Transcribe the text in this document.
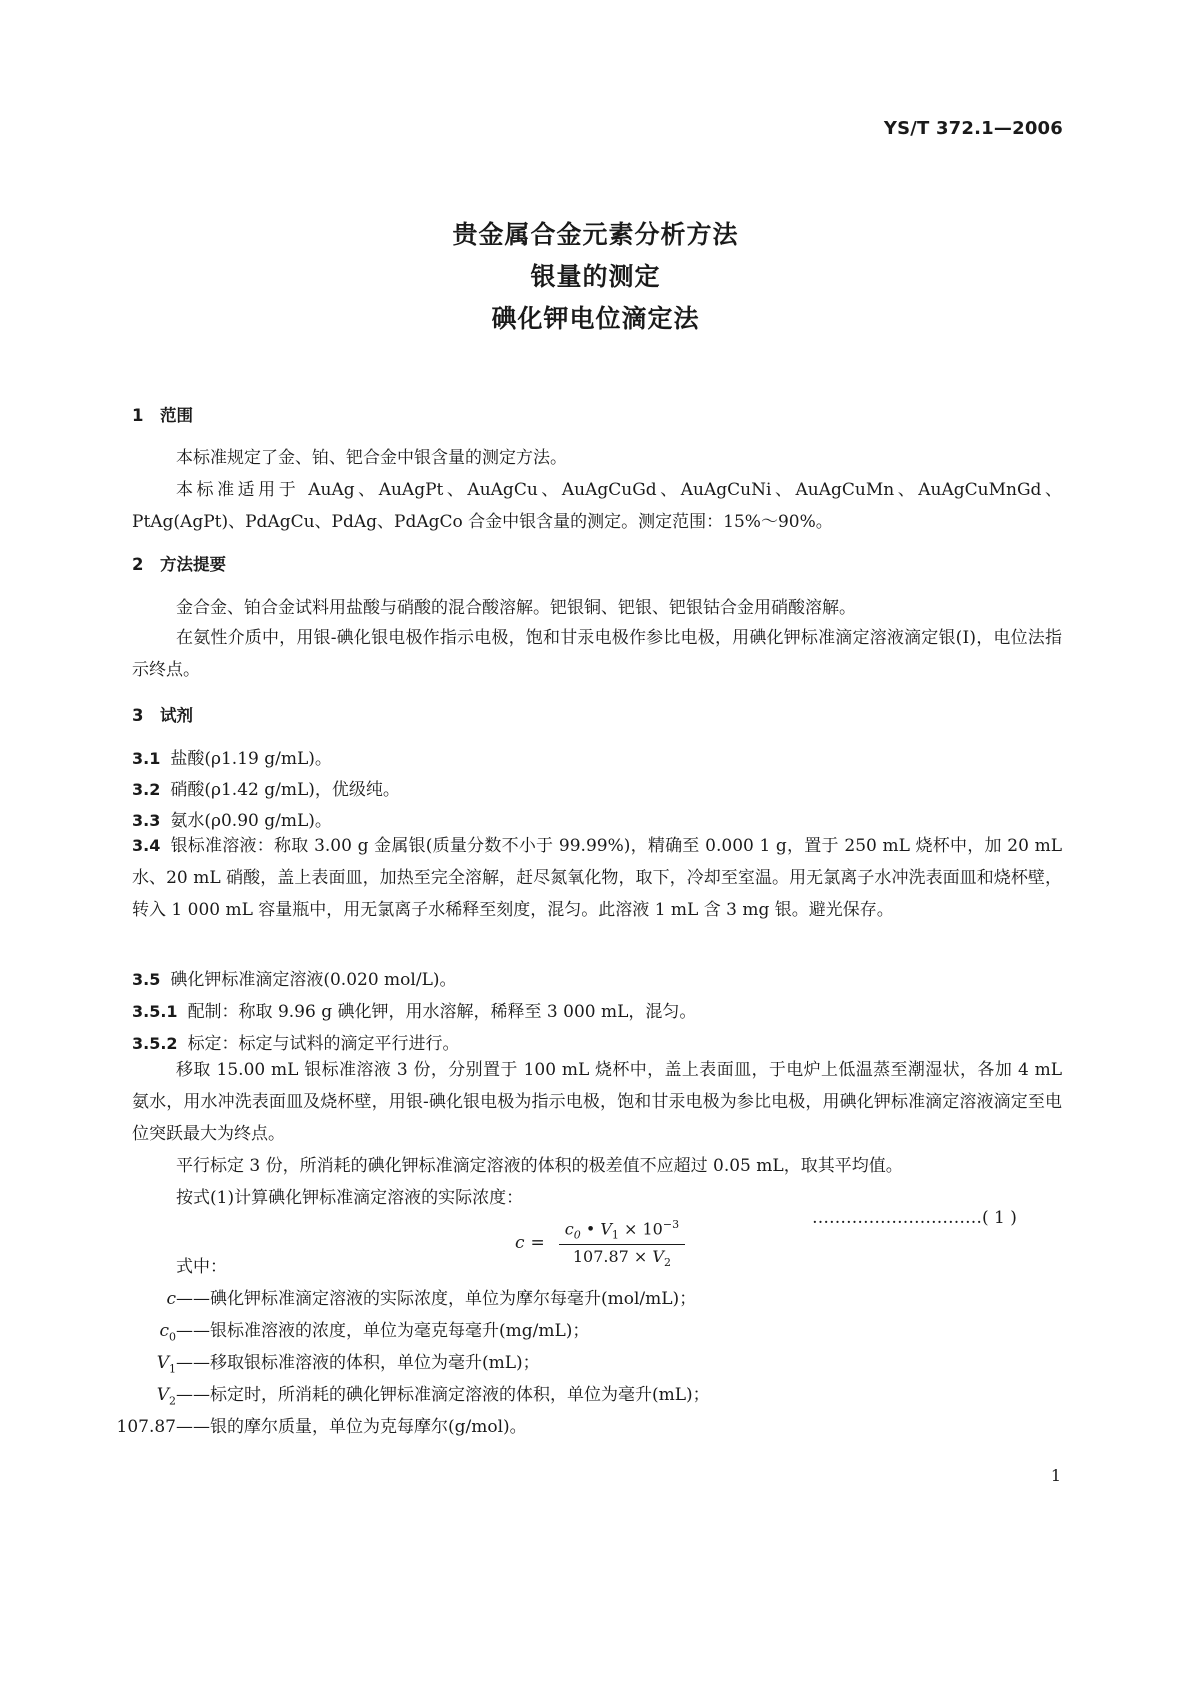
YS/T 372.1—2006
贵金属合金元素分析方法
银量的测定
碘化钾电位滴定法
1 范围
本标准规定了金、铂、钯合金中银含量的测定方法。
本标准适用于 AuAg、AuAgPt、AuAgCu、AuAgCuGd、AuAgCuNi、AuAgCuMn、AuAgCuMnGd、PtAg(AgPt)、PdAgCu、PdAg、PdAgCo 合金中银含量的测定。测定范围：15%～90%。
2 方法提要
金合金、铂合金试料用盐酸与硝酸的混合酸溶解。钯银铜、钯银、钯银钴合金用硝酸溶解。
在氨性介质中，用银-碘化银电极作指示电极，饱和甘汞电极作参比电极，用碘化钾标准滴定溶液滴定银(Ⅰ)，电位法指示终点。
3 试剂
3.1 盐酸(ρ1.19 g/mL)。
3.2 硝酸(ρ1.42 g/mL)，优级纯。
3.3 氨水(ρ0.90 g/mL)。
3.4 银标准溶液：称取 3.00 g 金属银(质量分数不小于 99.99%)，精确至 0.000 1 g，置于 250 mL 烧杯中，加 20 mL 水、20 mL 硝酸，盖上表面皿，加热至完全溶解，赶尽氮氧化物，取下，冷却至室温。用无氯离子水冲洗表面皿和烧杯壁，转入 1 000 mL 容量瓶中，用无氯离子水稀释至刻度，混匀。此溶液 1 mL 含 3 mg 银。避光保存。
3.5 碘化钾标准滴定溶液(0.020 mol/L)。
3.5.1 配制：称取 9.96 g 碘化钾，用水溶解，稀释至 3 000 mL，混匀。
3.5.2 标定：标定与试料的滴定平行进行。
移取 15.00 mL 银标准溶液 3 份，分别置于 100 mL 烧杯中，盖上表面皿，于电炉上低温蒸至潮湿状，各加 4 mL 氨水，用水冲洗表面皿及烧杯壁，用银-碘化银电极为指示电极，饱和甘汞电极为参比电极，用碘化钾标准滴定溶液滴定至电位突跃最大为终点。
平行标定 3 份，所消耗的碘化钾标准滴定溶液的体积的极差值不应超过 0.05 mL，取其平均值。
按式(1)计算碘化钾标准滴定溶液的实际浓度：
$c = \frac{c_0 • V_1 \times 10^{-3}}{107.87 \times V_2}$	…………………………( 1 )
式中：
c——碘化钾标准滴定溶液的实际浓度，单位为摩尔每毫升(mol/mL)；
$c_0——$银标准溶液的浓度，单位为毫克每毫升(mg/mL)；
$V_1——$移取银标准溶液的体积，单位为毫升(mL)；
$V_2——$标定时，所消耗的碘化钾标准滴定溶液的体积，单位为毫升(mL)；
107.87——银的摩尔质量，单位为克每摩尔(g/mol)。
1
